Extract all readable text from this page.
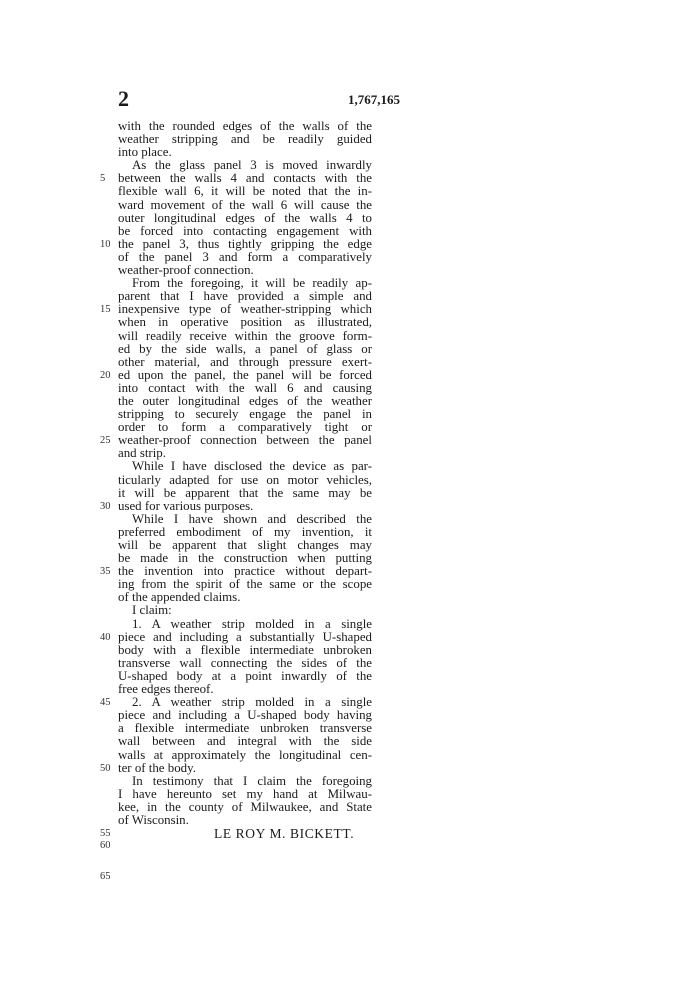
2	1,767,165
with the rounded edges of the walls of the
weather stripping and be readily guided
into place.
As the glass panel 3 is moved inwardly
between the walls 4 and contacts with the
flexible wall 6, it will be noted that the in-
ward movement of the wall 6 will cause the
outer longitudinal edges of the walls 4 to
be forced into contacting engagement with
the panel 3, thus tightly gripping the edge
of the panel 3 and form a comparatively
weather-proof connection.
From the foregoing, it will be readily ap-
parent that I have provided a simple and
inexpensive type of weather-stripping which
when in operative position as illustrated,
will readily receive within the groove form-
ed by the side walls, a panel of glass or
other material, and through pressure exert-
ed upon the panel, the panel will be forced
into contact with the wall 6 and causing
the outer longitudinal edges of the weather
stripping to securely engage the panel in
order to form a comparatively tight or
weather-proof connection between the panel
and strip.
While I have disclosed the device as par-
ticularly adapted for use on motor vehicles,
it will be apparent that the same may be
used for various purposes.
While I have shown and described the
preferred embodiment of my invention, it
will be apparent that slight changes may
be made in the construction when putting
the invention into practice without depart-
ing from the spirit of the same or the scope
of the appended claims.
I claim:
1. A weather strip molded in a single
piece and including a substantially U-shaped
body with a flexible intermediate unbroken
transverse wall connecting the sides of the
U-shaped body at a point inwardly of the
free edges thereof.
2. A weather strip molded in a single
piece and including a U-shaped body having
a flexible intermediate unbroken transverse
wall between and integral with the side
walls at approximately the longitudinal cen-
ter of the body.
In testimony that I claim the foregoing
I have hereunto set my hand at Milwau-
kee, in the county of Milwaukee, and State
of Wisconsin.
LE ROY M. BICKETT.
5
10
15
20
25
30
35
40
45
50
55
60
65
